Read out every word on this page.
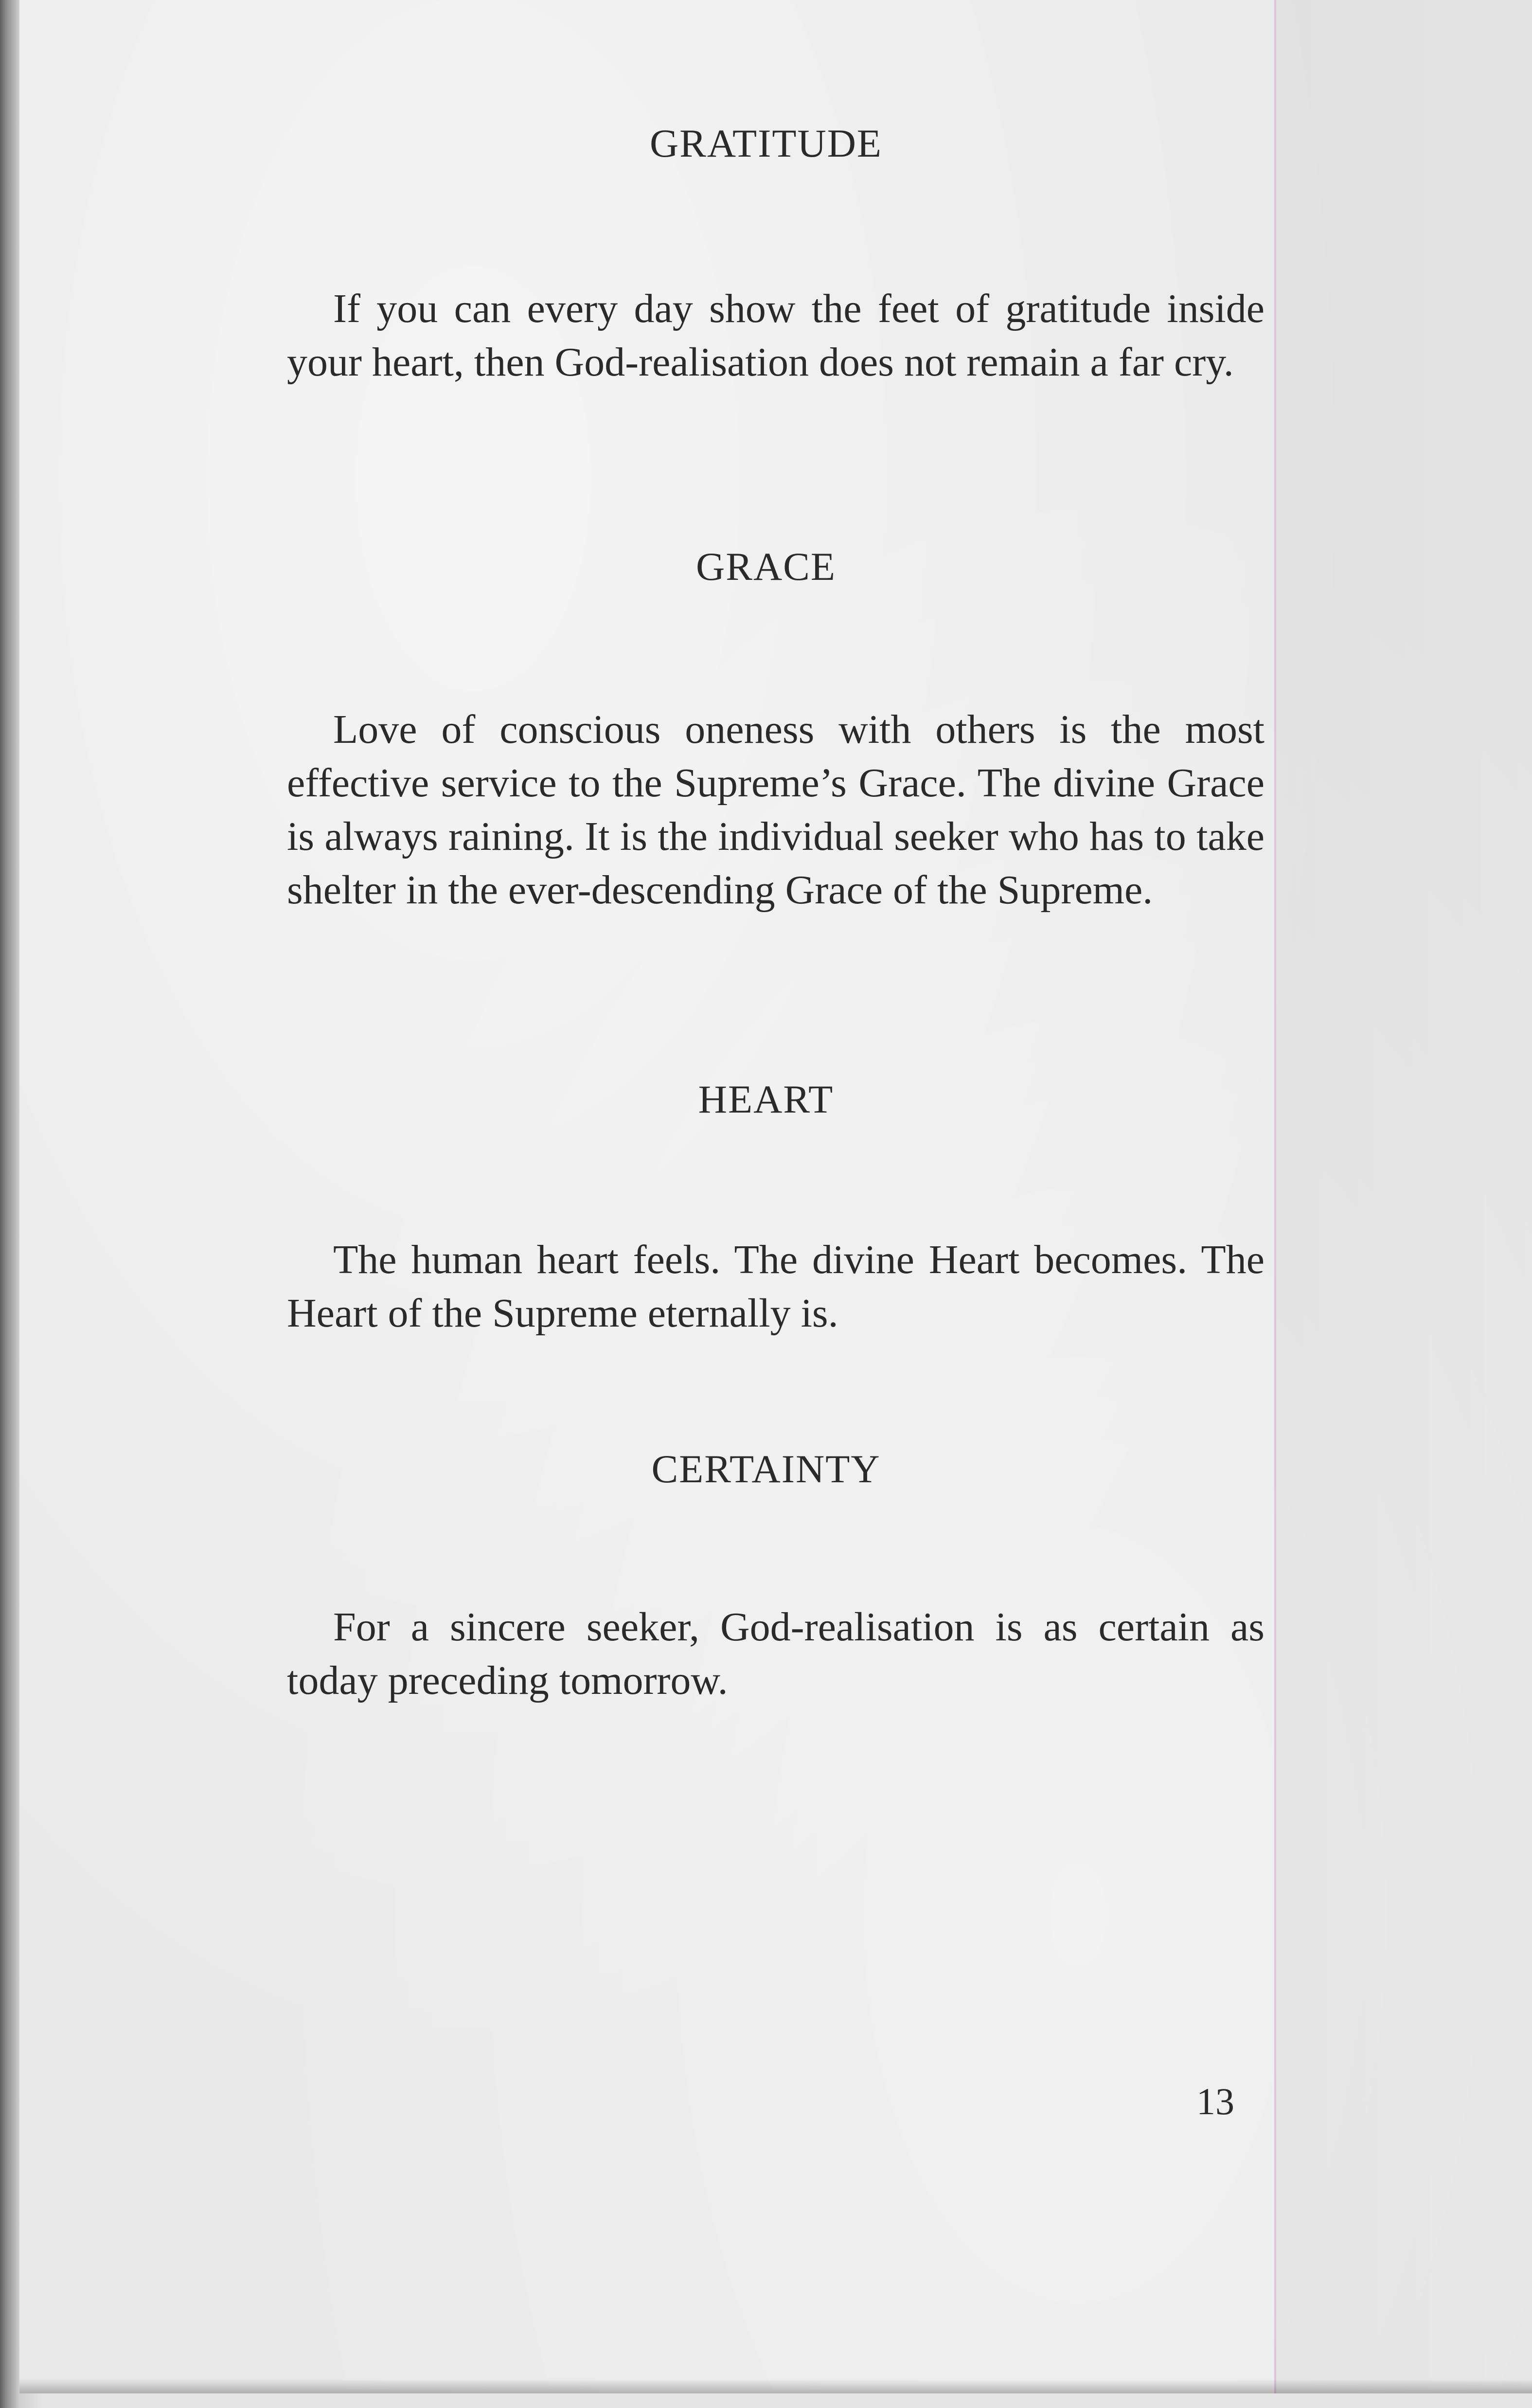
GRATITUDE

If you can every day show the feet of gratitude inside your heart, then God-realisation does not remain a far cry.

GRACE

Love of conscious oneness with others is the most effective service to the Supreme’s Grace. The divine Grace is always raining. It is the individual seeker who has to take shelter in the ever-descending Grace of the Supreme.

HEART

The human heart feels. The divine Heart becomes. The Heart of the Supreme eternally is.

CERTAINTY

For a sincere seeker, God-realisation is as certain as today preceding tomorrow.

13
